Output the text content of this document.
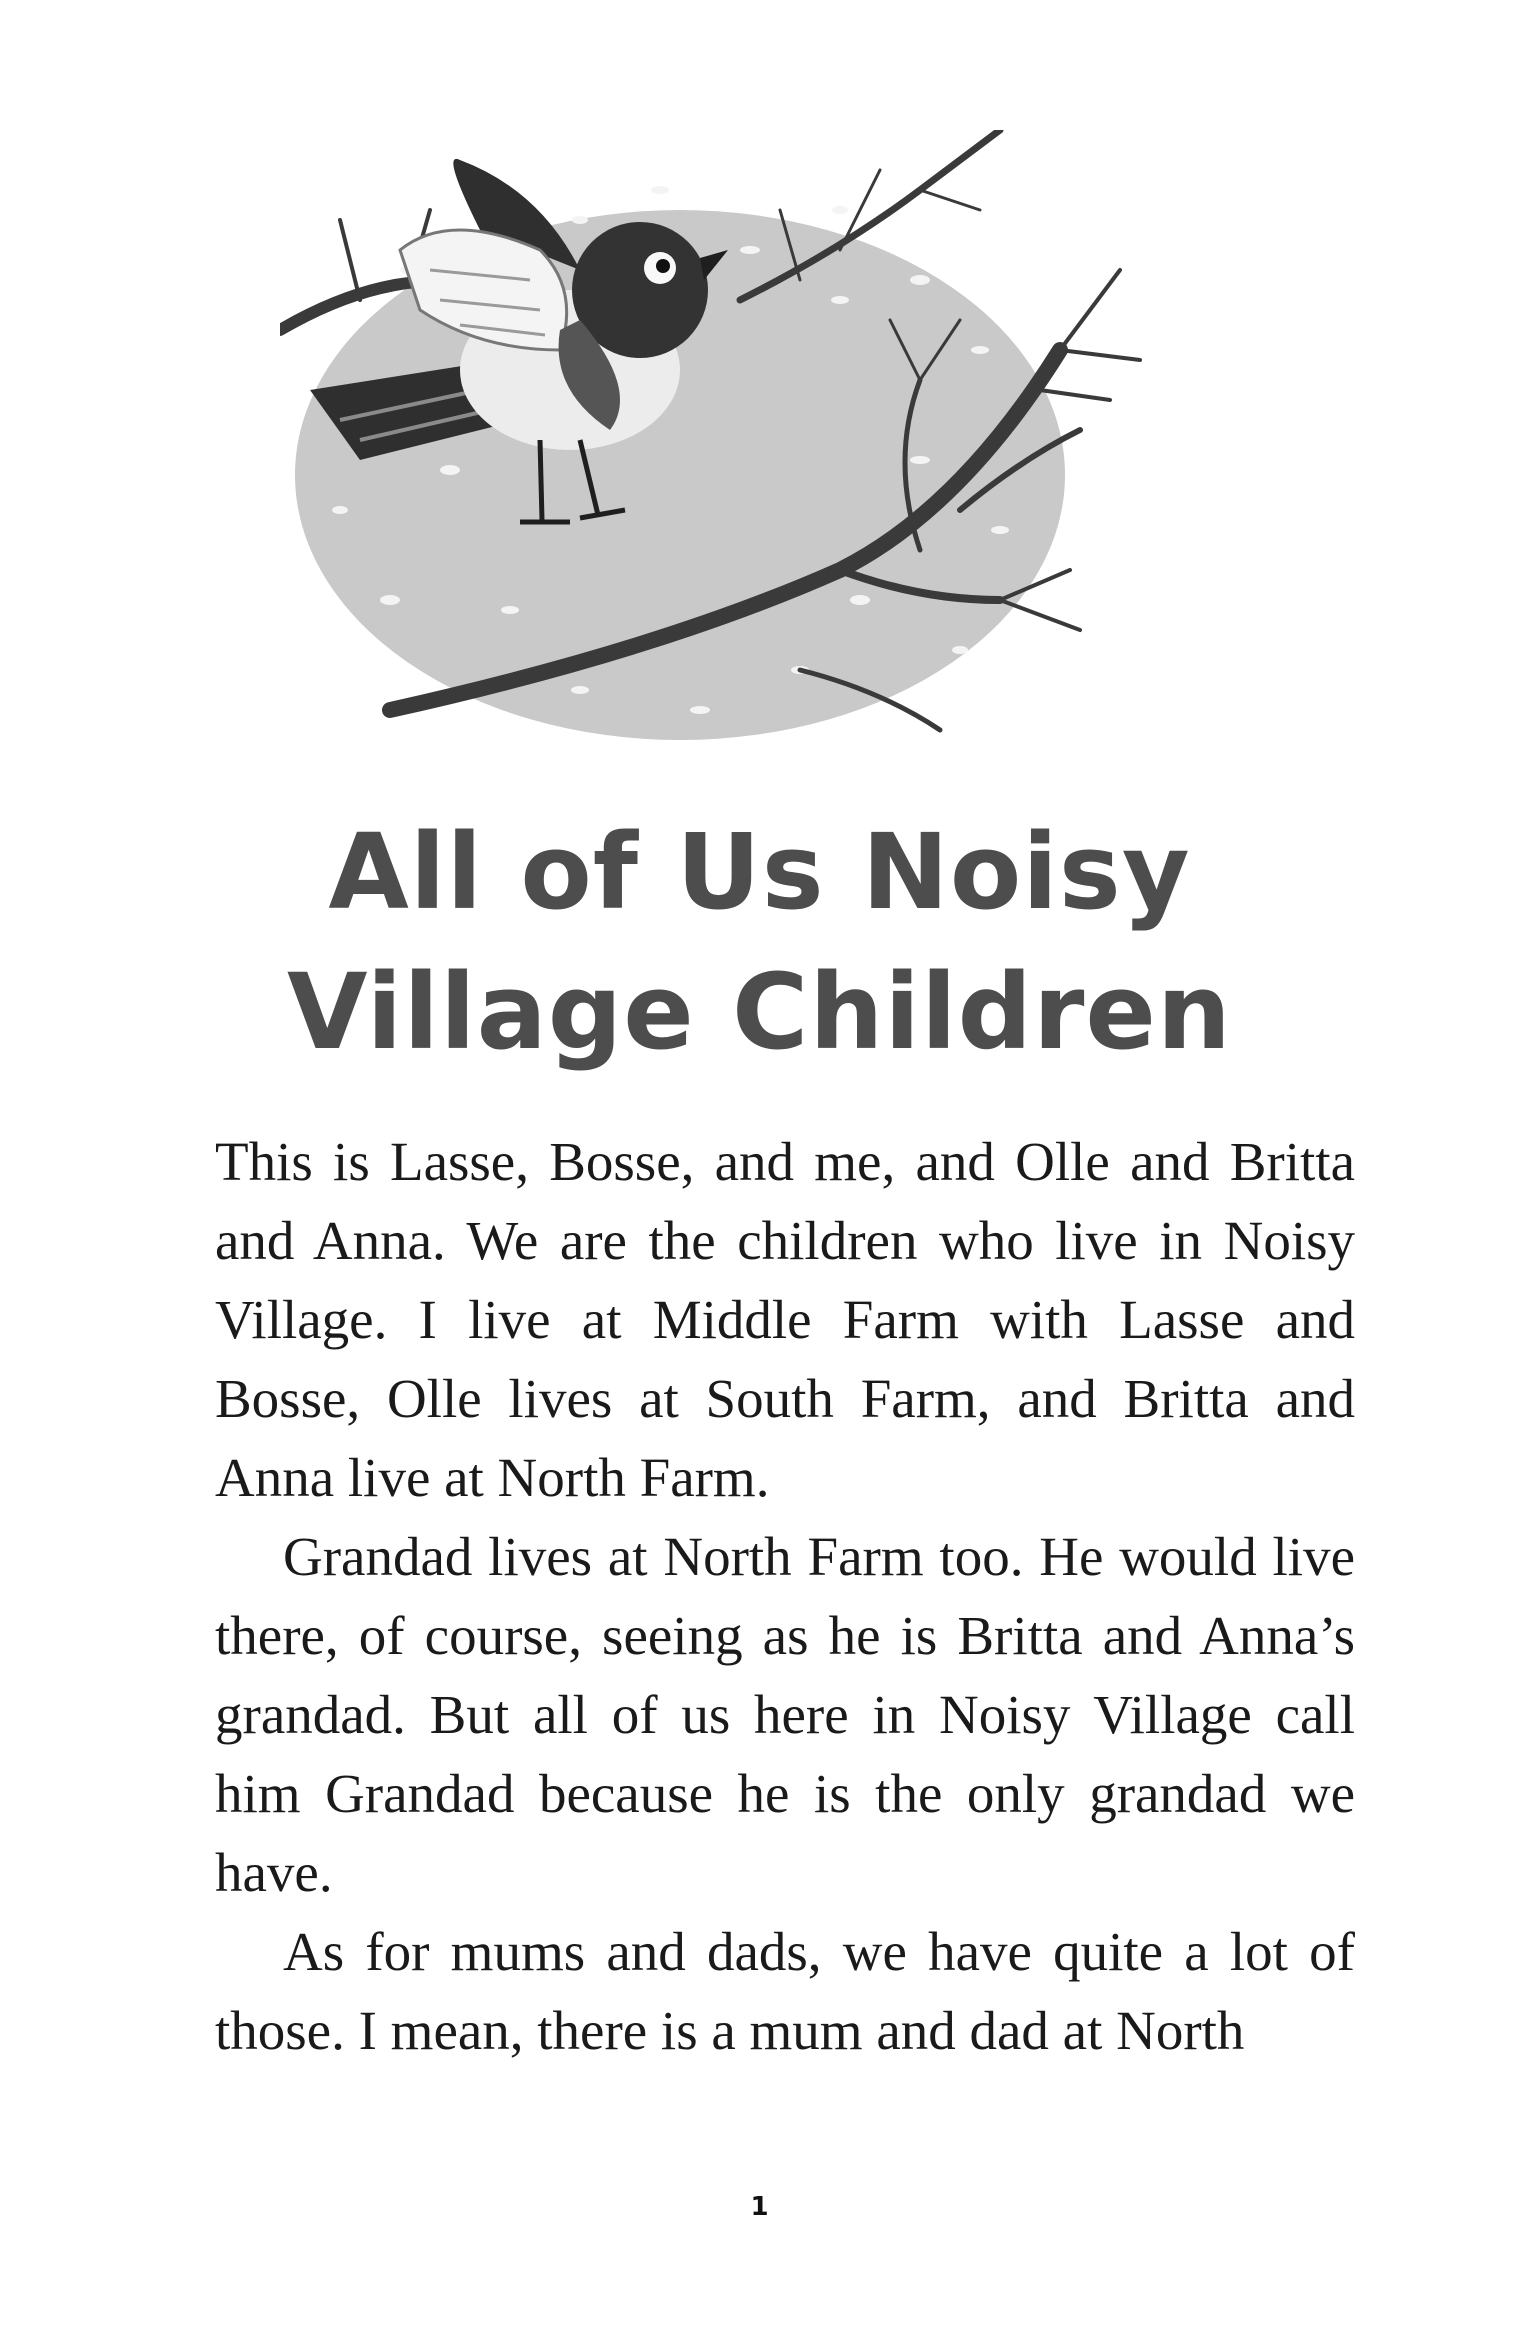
All of Us Noisy
Village Children

This is Lasse, Bosse, and me, and Olle and Britta and Anna. We are the children who live in Noisy Village. I live at Middle Farm with Lasse and Bosse, Olle lives at South Farm, and Britta and Anna live at North Farm.

Grandad lives at North Farm too. He would live there, of course, seeing as he is Britta and Anna’s grandad. But all of us here in Noisy Village call him Grandad because he is the only grandad we have.

As for mums and dads, we have quite a lot of those. I mean, there is a mum and dad at North

1
